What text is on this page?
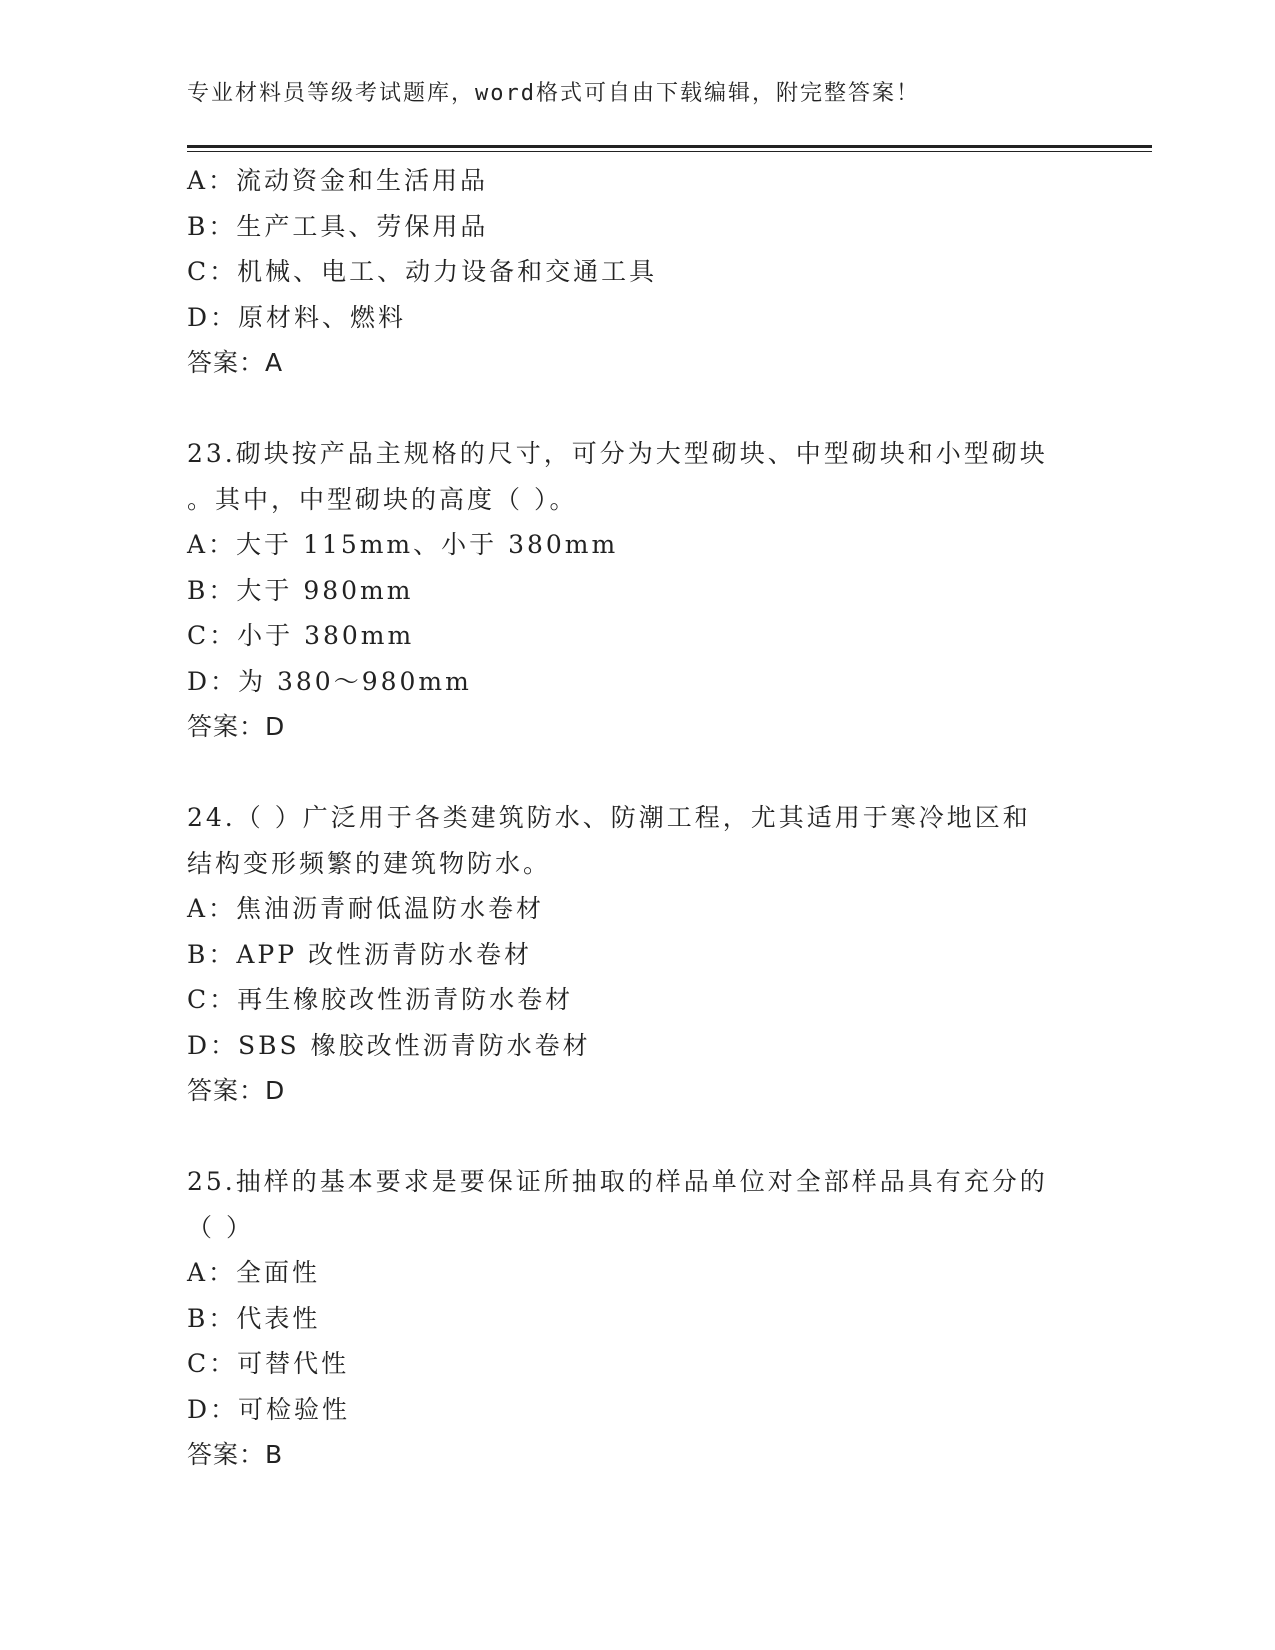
专业材料员等级考试题库，word格式可自由下载编辑，附完整答案！
A：流动资金和生活用品
B：生产工具、劳保用品
C：机械、电工、动力设备和交通工具
D：原材料、燃料
答案：A
23.砌块按产品主规格的尺寸，可分为大型砌块、中型砌块和小型砌块
。其中，中型砌块的高度（ ）。
A：大于 115mm、小于 380mm
B：大于 980mm
C：小于 380mm
D：为 380～980mm
答案：D
24.（ ）广泛用于各类建筑防水、防潮工程，尤其适用于寒冷地区和
结构变形频繁的建筑物防水。
A：焦油沥青耐低温防水卷材
B：APP 改性沥青防水卷材
C：再生橡胶改性沥青防水卷材
D：SBS 橡胶改性沥青防水卷材
答案：D
25.抽样的基本要求是要保证所抽取的样品单位对全部样品具有充分的
（ ）
A：全面性
B：代表性
C：可替代性
D：可检验性
答案：B
